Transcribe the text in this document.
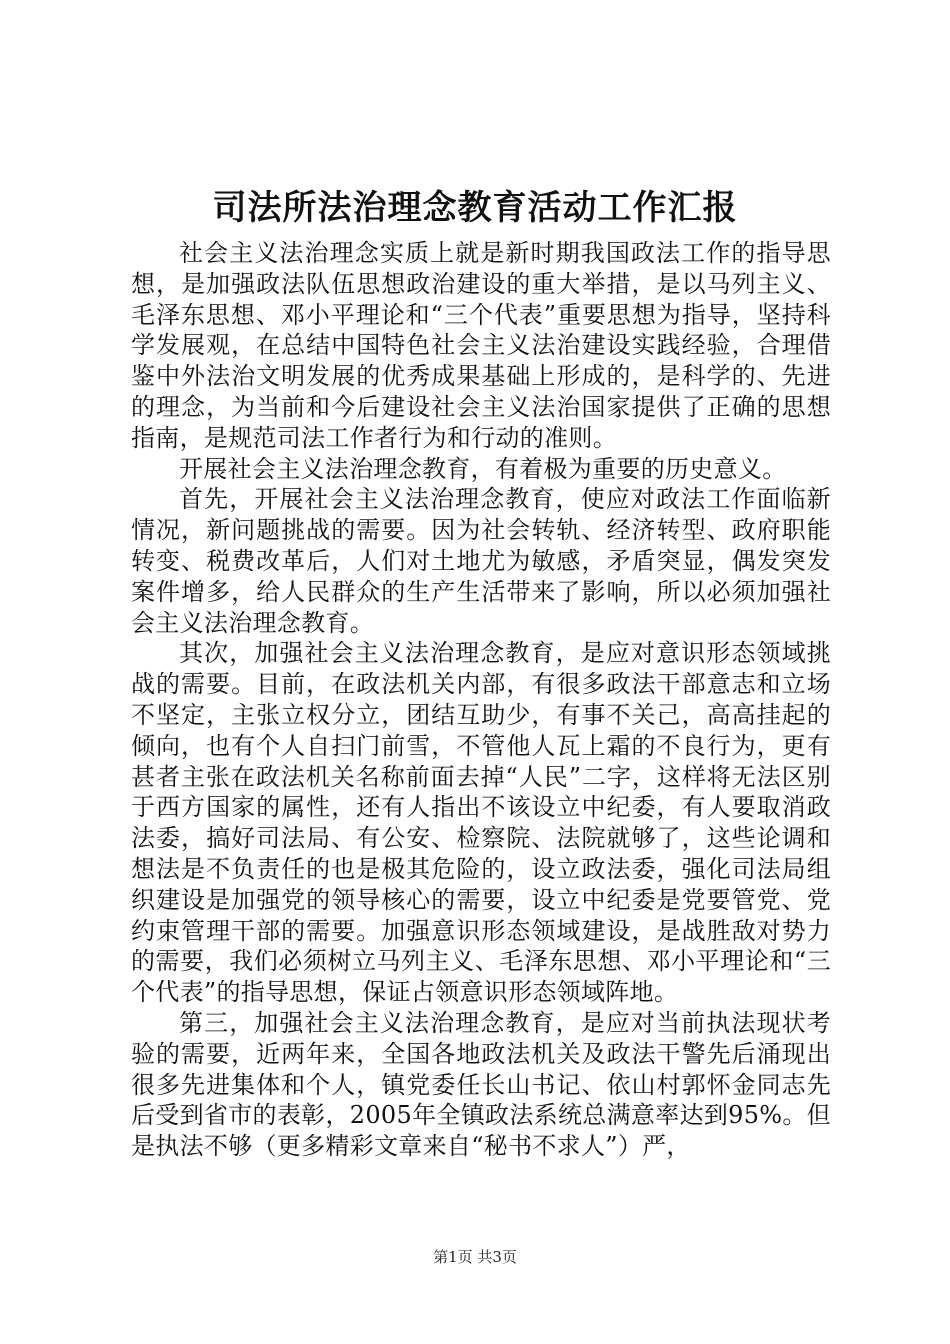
司法所法治理念教育活动工作汇报

社会主义法治理念实质上就是新时期我国政法工作的指导思想，是加强政法队伍思想政治建设的重大举措，是以马列主义、毛泽东思想、邓小平理论和“三个代表”重要思想为指导，坚持科学发展观，在总结中国特色社会主义法治建设实践经验，合理借鉴中外法治文明发展的优秀成果基础上形成的，是科学的、先进的理念，为当前和今后建设社会主义法治国家提供了正确的思想指南，是规范司法工作者行为和行动的准则。

开展社会主义法治理念教育，有着极为重要的历史意义。

首先，开展社会主义法治理念教育，使应对政法工作面临新情况，新问题挑战的需要。因为社会转轨、经济转型、政府职能转变、税费改革后，人们对土地尤为敏感，矛盾突显，偶发突发案件增多，给人民群众的生产生活带来了影响，所以必须加强社会主义法治理念教育。

其次，加强社会主义法治理念教育，是应对意识形态领域挑战的需要。目前，在政法机关内部，有很多政法干部意志和立场不坚定，主张立权分立，团结互助少，有事不关己，高高挂起的倾向，也有个人自扫门前雪，不管他人瓦上霜的不良行为，更有甚者主张在政法机关名称前面去掉“人民”二字，这样将无法区别于西方国家的属性，还有人指出不该设立中纪委，有人要取消政法委，搞好司法局、有公安、检察院、法院就够了，这些论调和想法是不负责任的也是极其危险的，设立政法委，强化司法局组织建设是加强党的领导核心的需要，设立中纪委是党要管党、党约束管理干部的需要。加强意识形态领域建设，是战胜敌对势力的需要，我们必须树立马列主义、毛泽东思想、邓小平理论和“三个代表”的指导思想，保证占领意识形态领域阵地。

第三，加强社会主义法治理念教育，是应对当前执法现状考验的需要，近两年来，全国各地政法机关及政法干警先后涌现出很多先进集体和个人，镇党委任长山书记、依山村郭怀金同志先后受到省市的表彰，2005年全镇政法系统总满意率达到95%。但是执法不够（更多精彩文章来自“秘书不求人”）严，

第1页 共3页
